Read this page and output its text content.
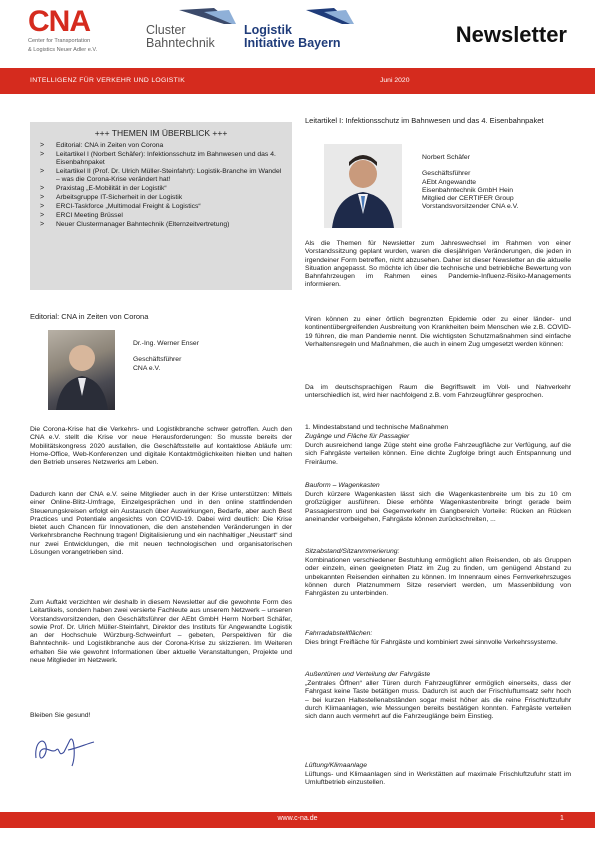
CNA
Center for Transportation
& Logistics Neuer Adler e.V.
Cluster
Bahntechnik
Logistik
Initiative Bayern	Newsletter
INTELLIGENZ FÜR VERKEHR UND LOGISTIK	Juni 2020
+++ THEMEN IM ÜBERBLICK +++
> Editorial: CNA in Zeiten von Corona
> Leitartikel I (Norbert Schäfer): Infektionsschutz im Bahnwesen und das 4. Eisenbahnpaket
> Leitartikel II (Prof. Dr. Ulrich Müller-Steinfahrt): Logistik-Branche im Wandel – was die Corona-Krise verändert hat!
> Praxistag „E-Mobilität in der Logistik“
> Arbeitsgruppe IT-Sicherheit in der Logistik
> ERCI-Taskforce „Multimodal Freight & Logistics“
> ERCI Meeting Brüssel
> Neuer Clustermanager Bahntechnik (Elternzeitvertretung)
Editorial: CNA in Zeiten von Corona
Dr.-Ing. Werner Enser
Geschäftsführer
CNA e.V.
Die Corona-Krise hat die Verkehrs- und Logistikbranche schwer getroffen. Auch den CNA e.V. stellt die Krise vor neue Herausforderungen: So musste bereits der Mobilitätskongress 2020 ausfallen, die Geschäftsstelle auf kontaktlose Abläufe um: Home-Office, Web-Konferenzen und digitale Kontaktmöglichkeiten hielten und halten den Betrieb unseres Netzwerks am Leben.
Dadurch kann der CNA e.V. seine Mitglieder auch in der Krise unterstützen: Mittels einer Online-Blitz-Umfrage, Einzelgesprächen und in den online stattfindenden Steuerungskreisen erfolgt ein Austausch über Auswirkungen, Bedarfe, aber auch Best Practices und Potentiale angesichts von COVID-19. Dabei wird deutlich: Die Krise bietet auch Chancen für Innovationen, die den anstehenden Veränderungen in der Verkehrsbranche Rechnung tragen! Digitalisierung und ein nachhaltiger „Neustart“ sind nur zwei Entwicklungen, die mit neuen technologischen und organisatorischen Lösungen vorangetrieben sind.
Zum Auftakt verzichten wir deshalb in diesem Newsletter auf die gewohnte Form des Leitartikels, sondern haben zwei versierte Fachleute aus unserem Netzwerk – unseren Vorstandsvorsitzenden, den Geschäftsführer der AEbt GmbH Herrn Norbert Schäfer, sowie Prof. Dr. Ulrich Müller-Steinfahrt, Direktor des Instituts für Angewandte Logistik an der Hochschule Würzburg-Schweinfurt – gebeten, Perspektiven für die Bahntechnik- und Logistikbranche aus der Corona-Krise zu skizzieren. Im Weiteren erhalten Sie wie gewohnt Informationen über aktuelle Veranstaltungen, Projekte und neue Mitglieder im Netzwerk.
Bleiben Sie gesund!
Leitartikel I: Infektionsschutz im Bahnwesen und das 4. Eisenbahnpaket
Norbert Schäfer
Geschäftsführer
AEbt Angewandte
Eisenbahntechnik GmbH Hein
Mitglied der CERTIFER Group
Vorstandsvorsitzender CNA e.V.
Als die Themen für Newsletter zum Jahreswechsel im Rahmen von einer Vorstandssitzung geplant wurden, waren die diesjährigen Veränderungen, die jeden in irgendeiner Form betreffen, nicht abzusehen. Daher ist dieser Newsletter an die aktuelle Situation angepasst. So möchte ich über die technische und betriebliche Bewertung von Bahnfahrzeugen im Rahmen eines Pandemie-Influenz-Risiko-Managements informieren.
Viren können zu einer örtlich begrenzten Epidemie oder zu einer länder- und kontinentübergreifenden Ausbreitung von Krankheiten beim Menschen wie z.B. COVID-19 führen, die man Pandemie nennt. Die wichtigsten Schutzmaßnahmen sind einfache Verhaltensregeln und Maßnahmen, die auch in einem Zug umgesetzt werden können:
Da im deutschsprachigen Raum die Begriffswelt im Voll- und Nahverkehr unterschiedlich ist, wird hier nachfolgend z.B. vom Fahrzeugführer gesprochen.
1. Mindestabstand und technische Maßnahmen
Zugänge und Fläche für Passagier
Durch ausreichend lange Züge steht eine große Fahrzeugfläche zur Verfügung, auf die sich Fahrgäste verteilen können. Eine dichte Zugfolge bringt auch Entspannung und Freiräume.
Bauform – Wagenkasten
Durch kürzere Wagenkasten lässt sich die Wagenkastenbreite um bis zu 10 cm großzügiger ausführen. Diese erhöhte Wagenkastenbreite bringt gerade beim Passagierstrom und bei Gegenverkehr im Gangbereich Vorteile: Rücken an Rücken aneinander vorbeigehen, Fahrgäste können zurückschreiten, ...
Sitzabstand/Sitzanmmerierung:
Kombinationen verschiedener Bestuhlung ermöglicht allen Reisenden, ob als Gruppen oder einzeln, einen geeigneten Platz im Zug zu finden, um genügend Abstand zu unbekannten Reisenden einhalten zu können. Im Innenraum eines Fernverkehrszuges können durch Platznummern Sitze reserviert werden, um Massenbildung von Fahrgästen zu unterbinden.
Fahrradabstellflächen:
Dies bringt Freifläche für Fahrgäste und kombiniert zwei sinnvolle Verkehrssysteme.
Außentüren und Verteilung der Fahrgäste
„Zentrales Öffnen“ aller Türen durch Fahrzeugführer ermöglich einerseits, dass der Fahrgast keine Taste betätigen muss. Dadurch ist auch der Frischluftumsatz sehr hoch – bei kurzen Haltestellenabständen sogar meist höher als die reine Frischluftzufuhr durch Klimaanlagen, wie Messungen bereits bestätigen konnten. Fahrgäste verteilen sich dann auch vermehrt auf die Fahrzeuglänge beim Einstieg.
Lüftung/Klimaanlage
Lüftungs- und Klimaanlagen sind in Werkstätten auf maximale Frischluftzufuhr statt im Umluftbetrieb einzustellen.
www.c-na.de	1
